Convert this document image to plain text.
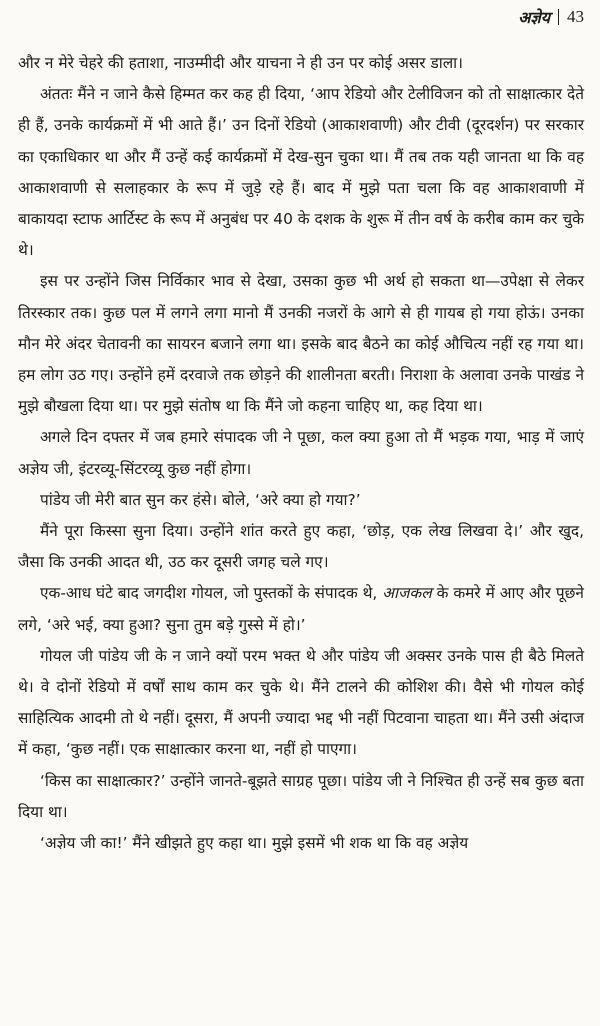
अज्ञेय 43

और न मेरे चेहरे की हताशा, नाउम्मीदी और याचना ने ही उन पर कोई असर डाला।

अंततः मैंने न जाने कैसे हिम्मत कर कह ही दिया, ‘आप रेडियो और टेलीविजन को तो साक्षात्कार देते ही हैं, उनके कार्यक्रमों में भी आते हैं।’ उन दिनों रेडियो (आकाशवाणी) और टीवी (दूरदर्शन) पर सरकार का एकाधिकार था और मैं उन्हें कई कार्यक्रमों में देख-सुन चुका था। मैं तब तक यही जानता था कि वह आकाशवाणी से सलाहकार के रूप में जुड़े रहे हैं। बाद में मुझे पता चला कि वह आकाशवाणी में बाकायदा स्टाफ आर्टिस्ट के रूप में अनुबंध पर 40 के दशक के शुरू में तीन वर्ष के करीब काम कर चुके थे।

इस पर उन्होंने जिस निर्विकार भाव से देखा, उसका कुछ भी अर्थ हो सकता था—उपेक्षा से लेकर तिरस्कार तक। कुछ पल में लगने लगा मानो मैं उनकी नजरों के आगे से ही गायब हो गया होऊं। उनका मौन मेरे अंदर चेतावनी का सायरन बजाने लगा था। इसके बाद बैठने का कोई औचित्य नहीं रह गया था। हम लोग उठ गए। उन्होंने हमें दरवाजे तक छोड़ने की शालीनता बरती। निराशा के अलावा उनके पाखंड ने मुझे बौखला दिया था। पर मुझे संतोष था कि मैंने जो कहना चाहिए था, कह दिया था।

अगले दिन दफ्तर में जब हमारे संपादक जी ने पूछा, कल क्या हुआ तो मैं भड़क गया, भाड़ में जाएं अज्ञेय जी, इंटरव्यू-सिंटरव्यू कुछ नहीं होगा।

पांडेय जी मेरी बात सुन कर हंसे। बोले, ‘अरे क्या हो गया?’

मैंने पूरा किस्सा सुना दिया। उन्होंने शांत करते हुए कहा, ‘छोड़, एक लेख लिखवा दे।’ और खुद, जैसा कि उनकी आदत थी, उठ कर दूसरी जगह चले गए।

एक-आध घंटे बाद जगदीश गोयल, जो पुस्तकों के संपादक थे, आजकल के कमरे में आए और पूछने लगे, ‘अरे भई, क्या हुआ? सुना तुम बड़े गुस्से में हो।’

गोयल जी पांडेय जी के न जाने क्यों परम भक्त थे और पांडेय जी अक्सर उनके पास ही बैठे मिलते थे। वे दोनों रेडियो में वर्षों साथ काम कर चुके थे। मैंने टालने की कोशिश की। वैसे भी गोयल कोई साहित्यिक आदमी तो थे नहीं। दूसरा, मैं अपनी ज्यादा भद्द भी नहीं पिटवाना चाहता था। मैंने उसी अंदाज में कहा, ‘कुछ नहीं। एक साक्षात्कार करना था, नहीं हो पाएगा।

‘किस का साक्षात्कार?’ उन्होंने जानते-बूझते साग्रह पूछा। पांडेय जी ने निश्चित ही उन्हें सब कुछ बता दिया था।

‘अज्ञेय जी का!’ मैंने खीझते हुए कहा था। मुझे इसमें भी शक था कि वह अज्ञेय
